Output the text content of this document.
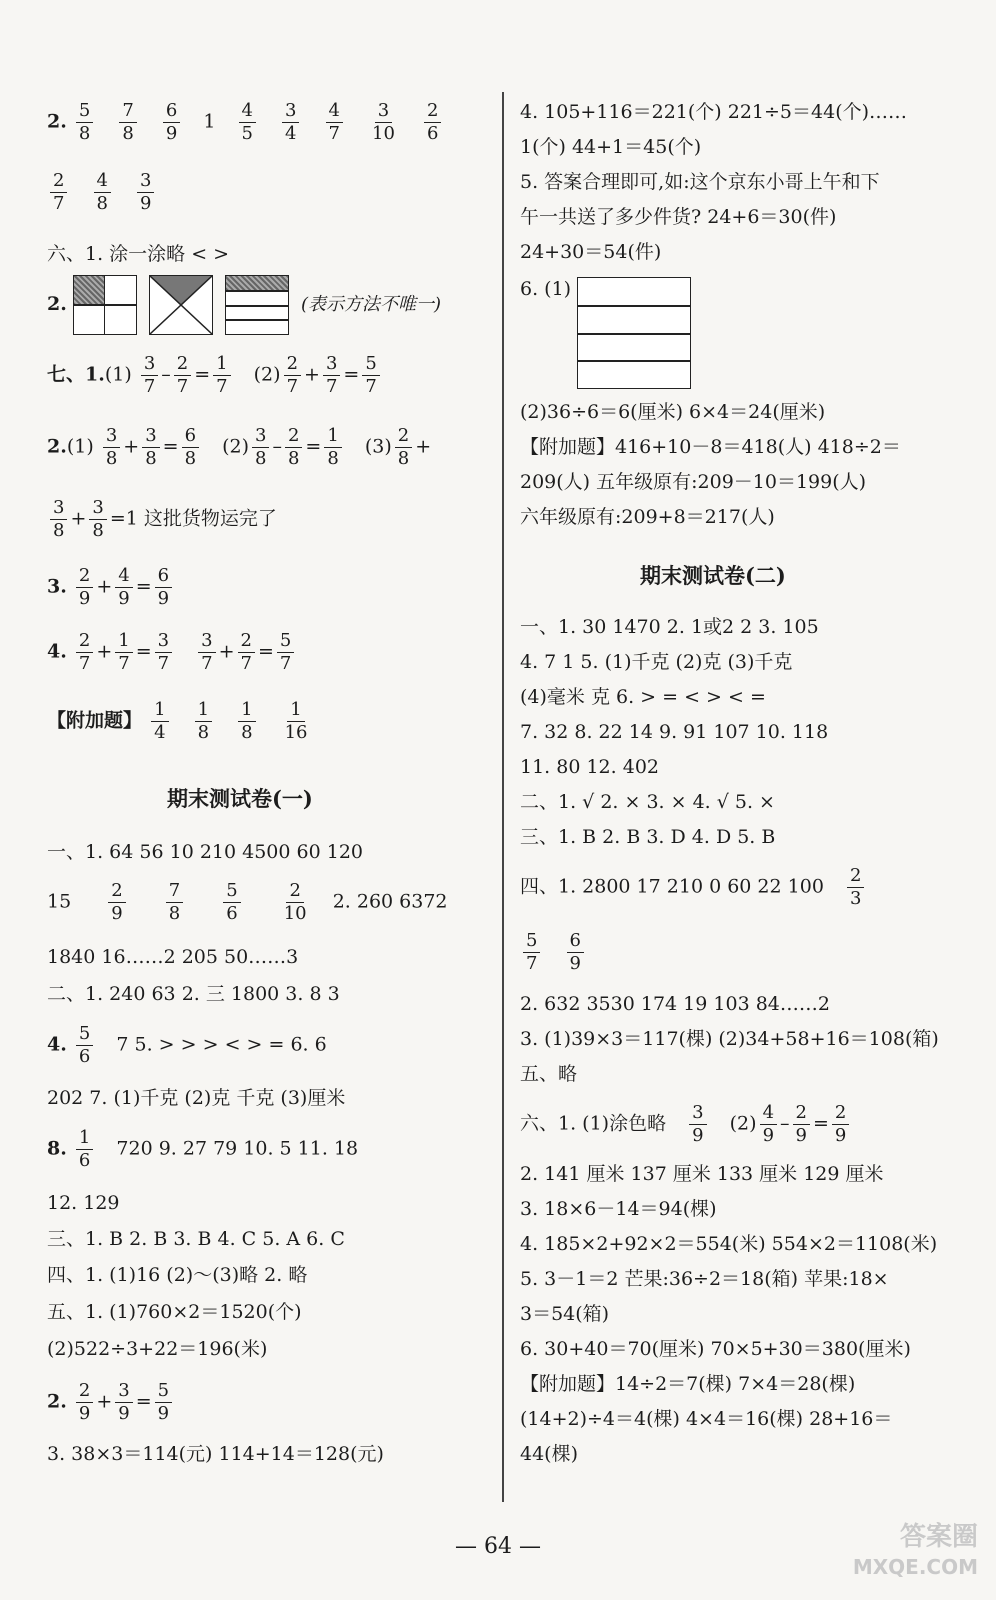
2. $\frac{5}{8}$
$\frac{7}{8}$
$\frac{6}{9} 1 \frac{4}{5}$
$\frac{3}{4}$
$\frac{4}{7}$
$\frac{3}{10}$
$\frac{2}{6}$
$\frac{2}{7}$
$\frac{4}{8}$
$\frac{3}{9}$
六、1. 涂一涂略 < >
2.
	(表示方法不唯一)
七、$1.(1) \frac{3}{7} - \frac{2}{7} = \frac{1}{7} (2) \frac{2}{7} + \frac{3}{7} = \frac{5}{7}$
$2.(1) \frac{3}{8} + \frac{3}{8} = \frac{6}{8} (2) \frac{3}{8} - \frac{2}{8} = \frac{1}{8} (3) \frac{2}{8}$ +
$\frac{3}{8} + \frac{3}{8} =1$ 这批货物运完了
3. $\frac{2}{9} + \frac{4}{9} = \frac{6}{9}$
4. $\frac{2}{7} + \frac{1}{7} = \frac{3}{7}$
$\frac{3}{7} + \frac{2}{7} = \frac{5}{7}$
【附加题】 $\frac{1}{4}$
$\frac{1}{8}$
$\frac{1}{8}$
$\frac{1}{16}$
期末测试卷(一)
一、1. 64 56 10 210 4500 60 120
$15 \frac{2}{9}$
$\frac{7}{8}$
$\frac{5}{6}$
$\frac{2}{10} 2$. 260 6372
1840 16……2 205 50……3
二、1. 240 63 2. 三 1800 3. 8 3
4. $\frac{5}{6} 7$ 5. > > > < > = 6. 6
202 7. (1)千克 (2)克 千克 (3)厘米
8. $\frac{1}{6} 720$ 9. 27 79 10. 5 11. 18
12. 129
三、1. B 2. B 3. B 4. C 5. A 6. C
四、1. (1)16 (2)～(3)略 2. 略
五、1. (1)760×2＝1520(个)
(2)522÷3+22＝196(米)
2. $\frac{2}{9} + \frac{3}{9} = \frac{5}{9}$
3. 38×3＝114(元) 114+14＝128(元)
4. 105+116＝221(个) 221÷5＝44(个)……
1(个) 44+1＝45(个)
5. 答案合理即可,如:这个京东小哥上午和下
午一共送了多少件货? 24+6＝30(件)
24+30＝54(件)
6. (1)
(2)36÷6＝6(厘米) 6×4＝24(厘米)
【附加题】416+10－8＝418(人) 418÷2＝
209(人) 五年级原有:209－10＝199(人)
六年级原有:209+8＝217(人)
期末测试卷(二)
一、1. 30 1470 2. 1或2 2 3. 105
4. 7 1 5. (1)千克 (2)克 (3)千克
(4)毫米 克 6. > = < > < =
7. 32 8. 22 14 9. 91 107 10. 118
11. 80 12. 402
二、1. √ 2. × 3. × 4. √ 5. ×
三、1. B 2. B 3. D 4. D 5. B
四、1. 2800 17 210 0 60 22 $100 \frac{2}{3}$
$\frac{5}{7}$
$\frac{6}{9}$
2. 632 3530 174 19 103 84……2
3. (1)39×3＝117(棵) (2)34+58+16＝108(箱)
五、略
六、1. (1)涂色略 $\frac{3}{9} (2) \frac{4}{9} - \frac{2}{9} = \frac{2}{9}$
2. 141 厘米 137 厘米 133 厘米 129 厘米
3. 18×6－14＝94(棵)
4. 185×2+92×2＝554(米) 554×2＝1108(米)
5. 3－1＝2 芒果:36÷2＝18(箱) 苹果:18×
3＝54(箱)
6. 30+40＝70(厘米) 70×5+30＝380(厘米)
【附加题】14÷2＝7(棵) 7×4＝28(棵)
(14+2)÷4＝4(棵) 4×4＝16(棵) 28+16＝
44(棵)
— 64 —	答案圈
MXQE.COM
